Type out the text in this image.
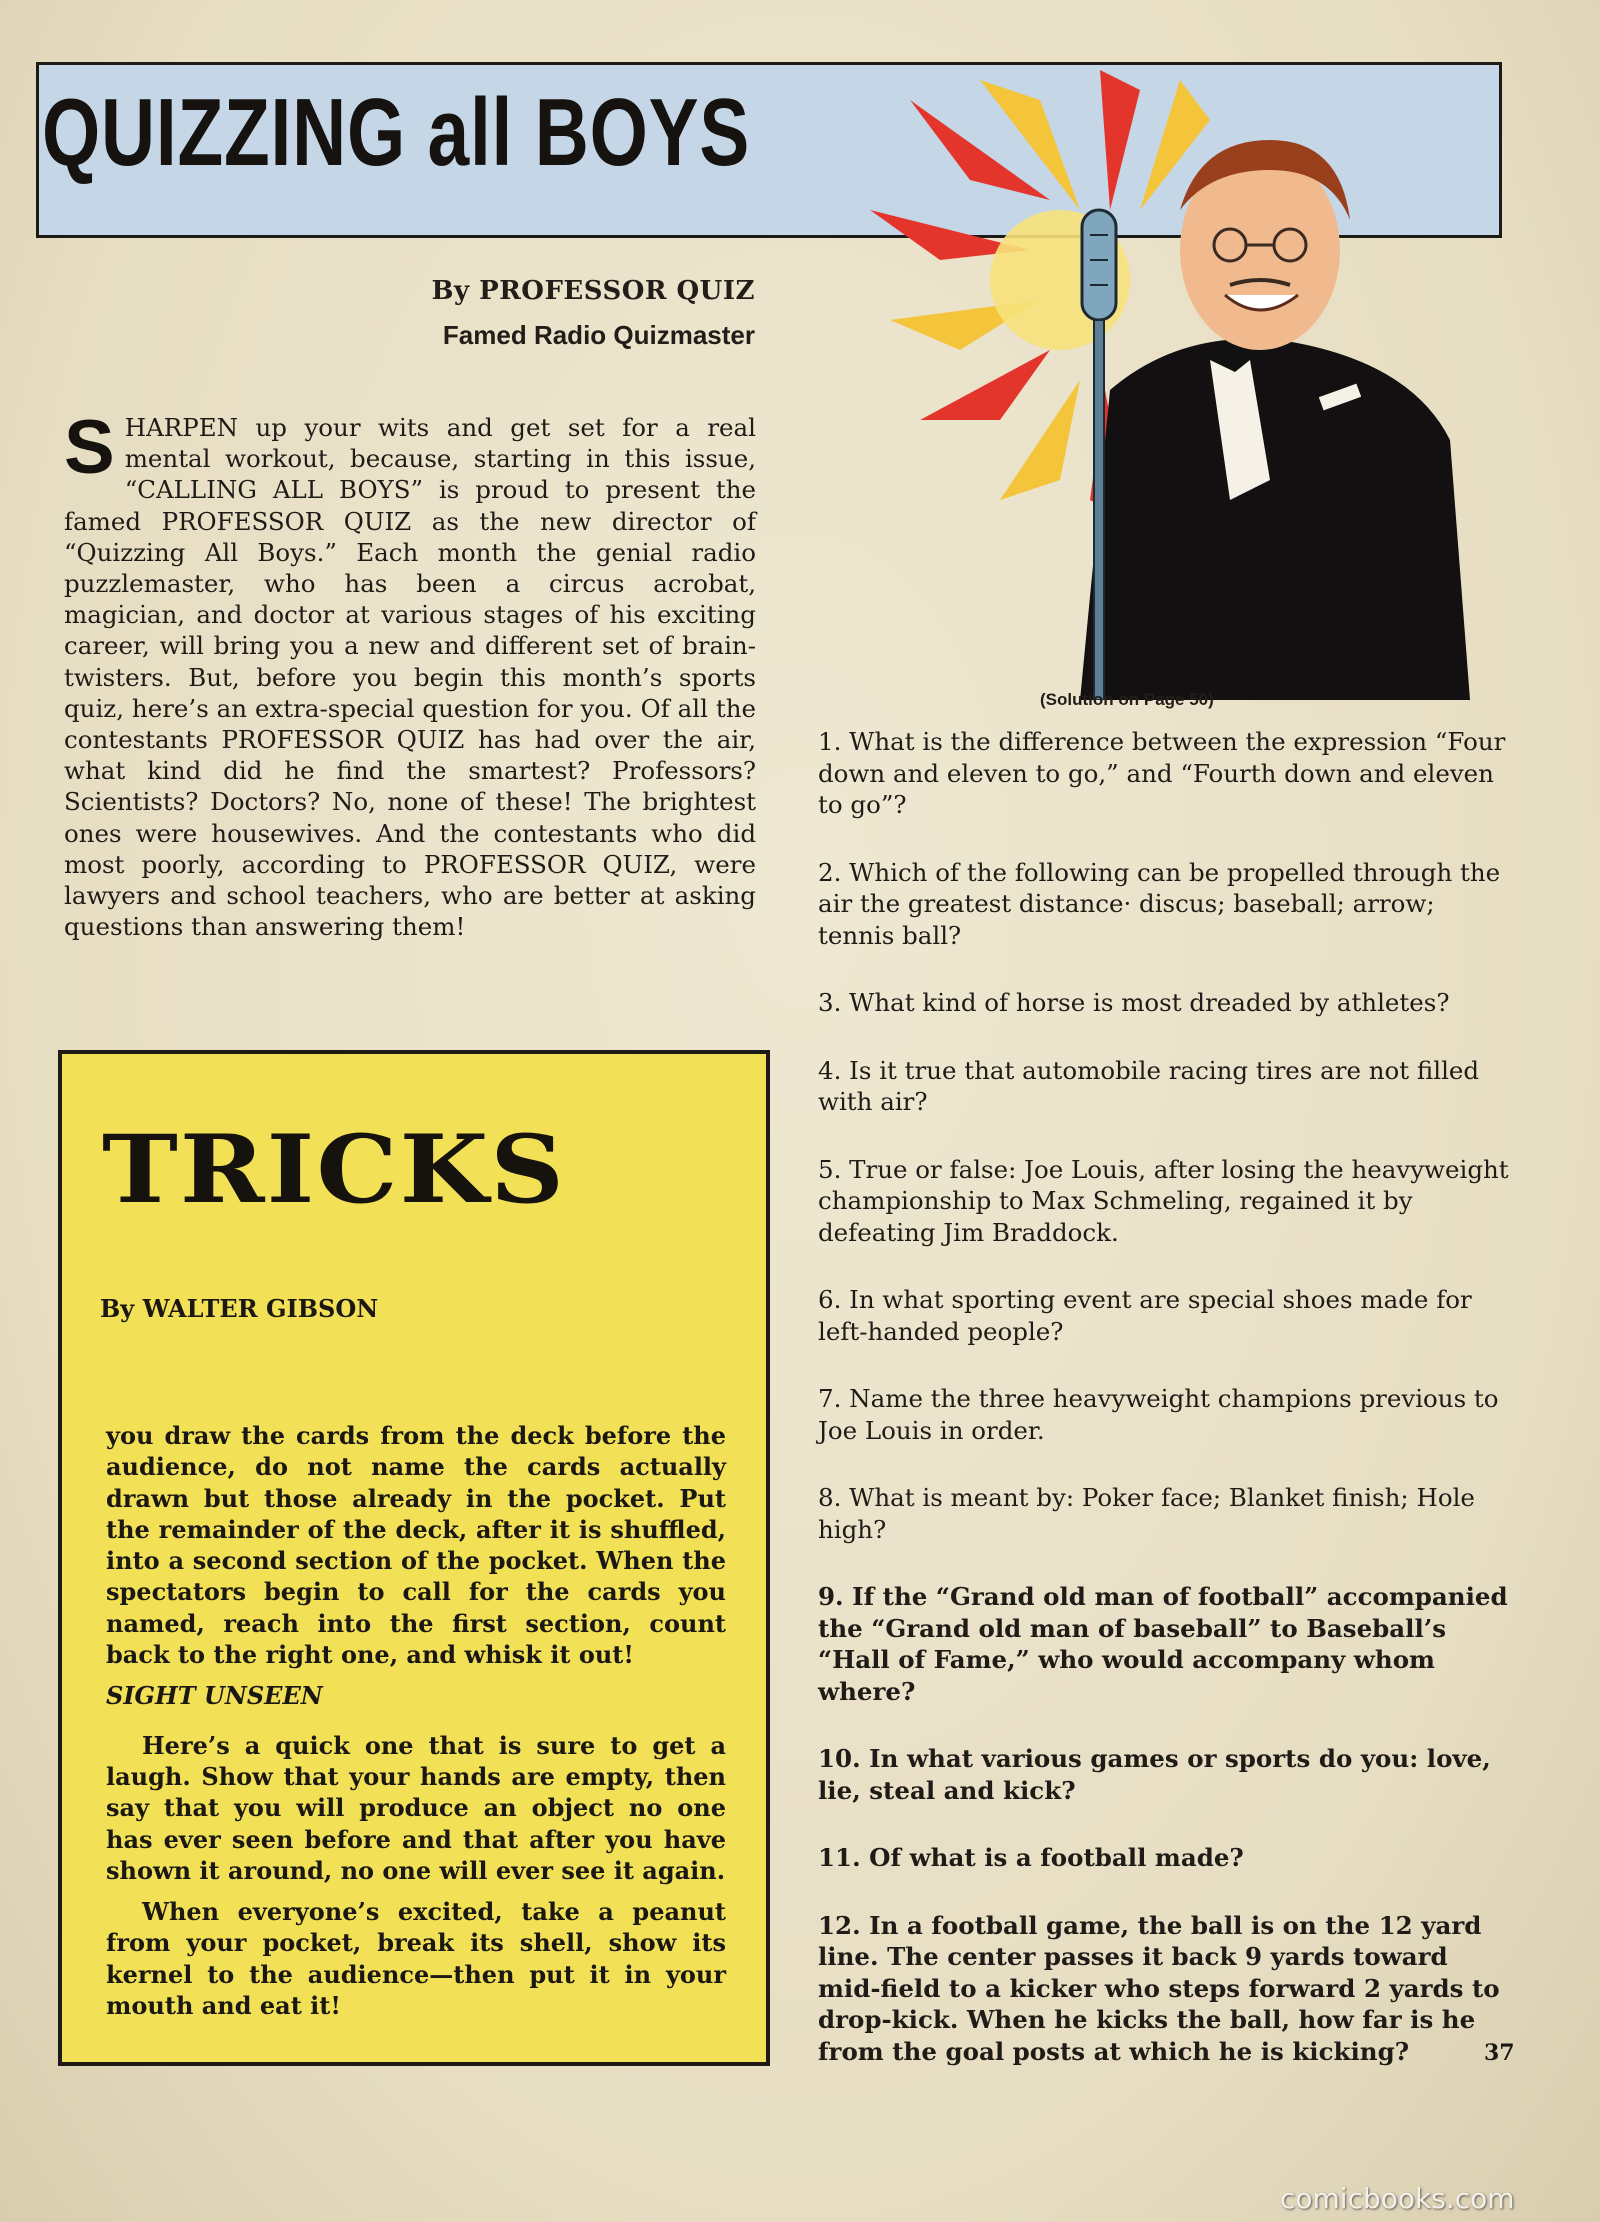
QUIZZING all BOYS
(Solution on Page 50)
By PROFESSOR QUIZ
Famed Radio Quizmaster
S HARPEN up your wits and get set for a real mental workout, because, starting in this issue, “CALLING ALL BOYS” is proud to present the famed PROFESSOR QUIZ as the new director of “Quizzing All Boys.” Each month the genial radio puzzlemaster, who has been a circus acrobat, magician, and doctor at various stages of his exciting career, will bring you a new and different set of brain-twisters. But, before you begin this month’s sports quiz, here’s an extra-special question for you. Of all the contestants PROFESSOR QUIZ has had over the air, what kind did he find the smartest? Professors? Scientists? Doctors? No, none of these! The brightest ones were housewives. And the contestants who did most poorly, according to PROFESSOR QUIZ, were lawyers and school teachers, who are better at asking questions than answering them!

1. What is the difference between the expression “Four down and eleven to go,” and “Fourth down and eleven to go”?

2. Which of the following can be propelled through the air the greatest distance· discus; baseball; arrow; tennis ball?

3. What kind of horse is most dreaded by athletes?

4. Is it true that automobile racing tires are not filled with air?

5. True or false: Joe Louis, after losing the heavyweight championship to Max Schmeling, regained it by defeating Jim Braddock.

6. In what sporting event are special shoes made for left-handed people?

7. Name the three heavyweight champions previous to Joe Louis in order.

8. What is meant by: Poker face; Blanket finish; Hole high?

9. If the “Grand old man of football” accompanied the “Grand old man of baseball” to Baseball’s “Hall of Fame,” who would accompany whom where?

10. In what various games or sports do you: love, lie, steal and kick?

11. Of what is a football made?

12. In a football game, the ball is on the 12 yard line. The center passes it back 9 yards toward mid-field to a kicker who steps forward 2 yards to drop-kick. When he kicks the ball, how far is he from the goal posts at which he is kicking?

TRICKS
By WALTER GIBSON

you draw the cards from the deck before the audience, do not name the cards actually drawn but those already in the pocket. Put the remainder of the deck, after it is shuffled, into a second section of the pocket. When the spectators begin to call for the cards you named, reach into the first section, count back to the right one, and whisk it out!

SIGHT UNSEEN

Here’s a quick one that is sure to get a laugh. Show that your hands are empty, then say that you will produce an object no one has ever seen before and that after you have shown it around, no one will ever see it again.

When everyone’s excited, take a peanut from your pocket, break its shell, show its kernel to the audience—then put it in your mouth and eat it!

37
comicbooks.com
